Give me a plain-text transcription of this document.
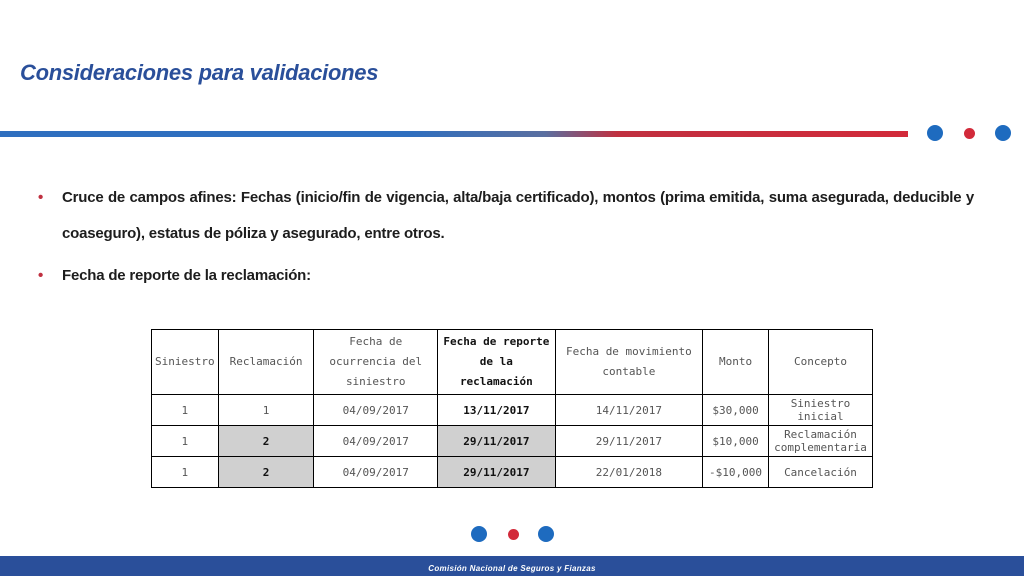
Consideraciones para validaciones
• Cruce de campos afines: Fechas (inicio/fin de vigencia, alta/baja certificado), montos (prima emitida, suma asegurada, deducible y coaseguro), estatus de póliza y asegurado, entre otros.
• Fecha de reporte de la reclamación:
Siniestro	Reclamación	Fecha de ocurrencia del siniestro	Fecha de reporte de la reclamación	Fecha de movimiento contable	Monto	Concepto
1	1	04/09/2017	13/11/2017	14/11/2017	$30,000	Siniestro inicial
1	2	04/09/2017	29/11/2017	29/11/2017	$10,000	Reclamación complementaria
1	2	04/09/2017	29/11/2017	22/01/2018	-$10,000	Cancelación
Comisión Nacional de Seguros y Fianzas
